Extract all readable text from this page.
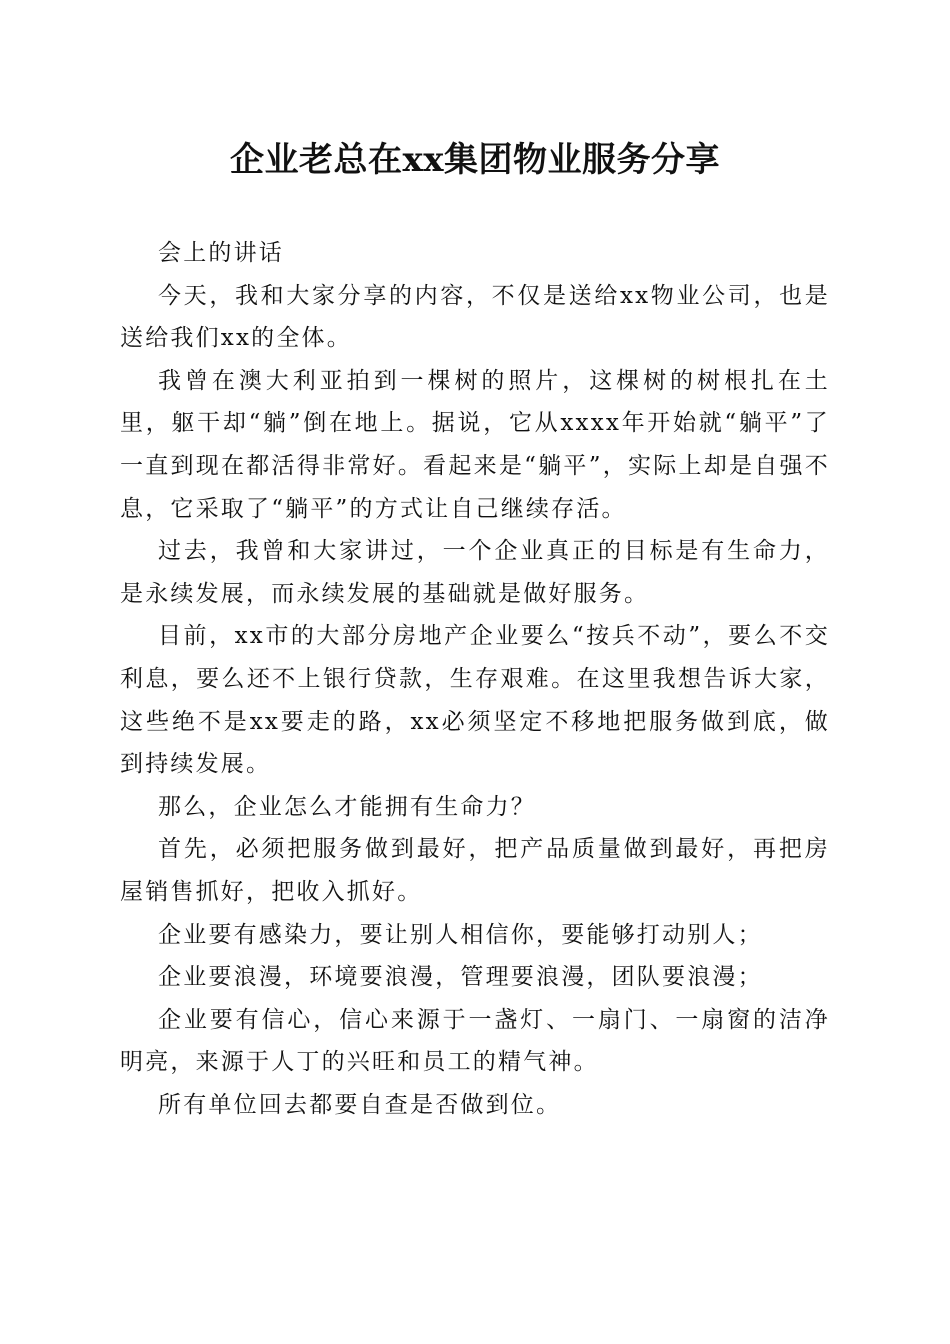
企业老总在xx集团物业服务分享

会上的讲话

今天，我和大家分享的内容，不仅是送给xx物业公司，也是送给我们xx的全体。

我曾在澳大利亚拍到一棵树的照片，这棵树的树根扎在土里，躯干却“躺”倒在地上。据说，它从xxxx年开始就“躺平”了一直到现在都活得非常好。看起来是“躺平”，实际上却是自强不息，它采取了“躺平”的方式让自己继续存活。

过去，我曾和大家讲过，一个企业真正的目标是有生命力，是永续发展，而永续发展的基础就是做好服务。

目前，xx市的大部分房地产企业要么“按兵不动”，要么不交利息，要么还不上银行贷款，生存艰难。在这里我想告诉大家，这些绝不是xx要走的路，xx必须坚定不移地把服务做到底，做到持续发展。

那么，企业怎么才能拥有生命力？

首先，必须把服务做到最好，把产品质量做到最好，再把房屋销售抓好，把收入抓好。

企业要有感染力，要让别人相信你，要能够打动别人；

企业要浪漫，环境要浪漫，管理要浪漫，团队要浪漫；

企业要有信心，信心来源于一盏灯、一扇门、一扇窗的洁净明亮，来源于人丁的兴旺和员工的精气神。

所有单位回去都要自查是否做到位。
